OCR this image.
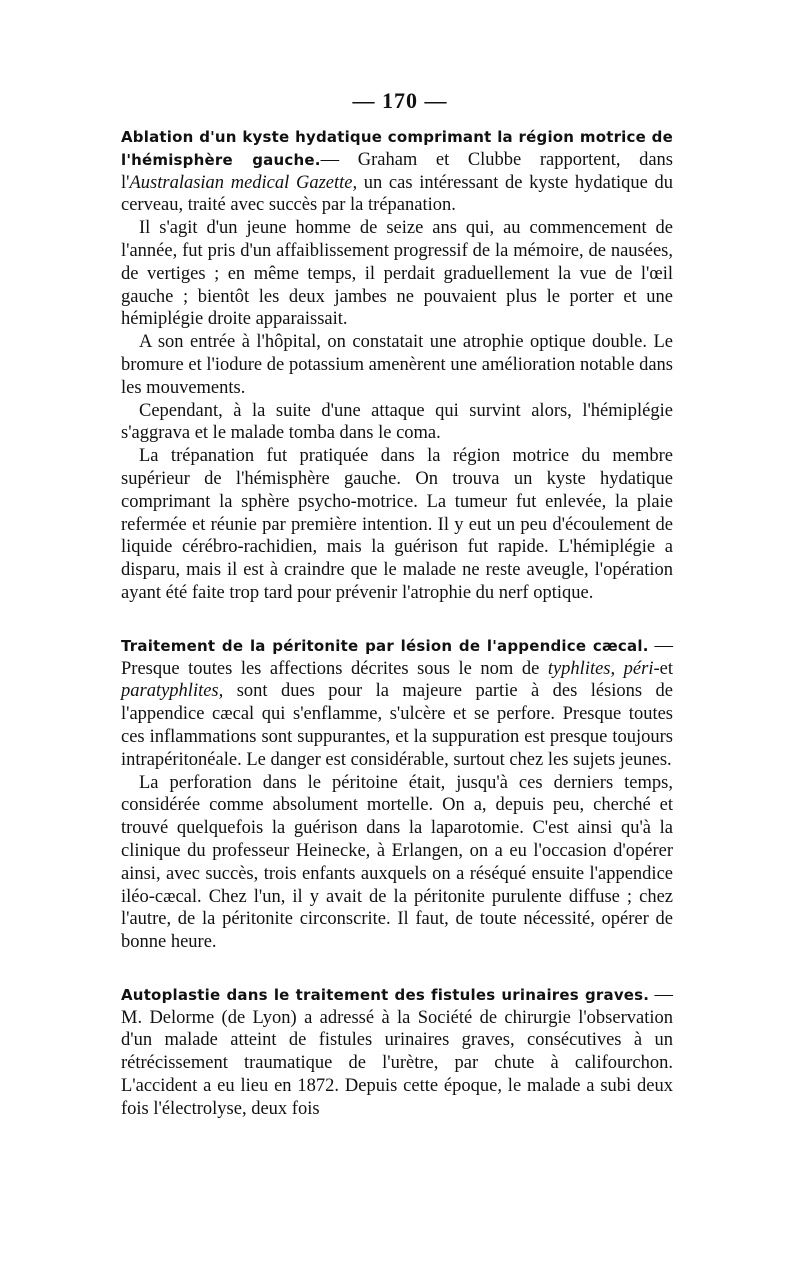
— 170 —

Ablation d'un kyste hydatique comprimant la région motrice de l'hémisphère gauche.— Graham et Clubbe rapportent, dans l'Australasian medical Gazette, un cas intéressant de kyste hydatique du cerveau, traité avec succès par la trépanation.

Il s'agit d'un jeune homme de seize ans qui, au commencement de l'année, fut pris d'un affaiblissement progressif de la mémoire, de nausées, de vertiges ; en même temps, il perdait graduellement la vue de l'œil gauche ; bientôt les deux jambes ne pouvaient plus le porter et une hémiplégie droite apparaissait.

A son entrée à l'hôpital, on constatait une atrophie optique double. Le bromure et l'iodure de potassium amenèrent une amélioration notable dans les mouvements.

Cependant, à la suite d'une attaque qui survint alors, l'hémiplégie s'aggrava et le malade tomba dans le coma.

La trépanation fut pratiquée dans la région motrice du membre supérieur de l'hémisphère gauche. On trouva un kyste hydatique comprimant la sphère psycho-motrice. La tumeur fut enlevée, la plaie refermée et réunie par première intention. Il y eut un peu d'écoulement de liquide cérébro-rachidien, mais la guérison fut rapide. L'hémiplégie a disparu, mais il est à craindre que le malade ne reste aveugle, l'opération ayant été faite trop tard pour prévenir l'atrophie du nerf optique.

Traitement de la péritonite par lésion de l'appendice cæcal. — Presque toutes les affections décrites sous le nom de typhlites, péri-et paratyphlites, sont dues pour la majeure partie à des lésions de l'appendice cæcal qui s'enflamme, s'ulcère et se perfore. Presque toutes ces inflammations sont suppurantes, et la suppuration est presque toujours intrapéritonéale. Le danger est considérable, surtout chez les sujets jeunes.

La perforation dans le péritoine était, jusqu'à ces derniers temps, considérée comme absolument mortelle. On a, depuis peu, cherché et trouvé quelquefois la guérison dans la laparotomie. C'est ainsi qu'à la clinique du professeur Heinecke, à Erlangen, on a eu l'occasion d'opérer ainsi, avec succès, trois enfants auxquels on a réséqué ensuite l'appendice iléo-cæcal. Chez l'un, il y avait de la péritonite purulente diffuse ; chez l'autre, de la péritonite circonscrite. Il faut, de toute nécessité, opérer de bonne heure.

Autoplastie dans le traitement des fistules urinaires graves. — M. Delorme (de Lyon) a adressé à la Société de chirurgie l'observation d'un malade atteint de fistules urinaires graves, consécutives à un rétrécissement traumatique de l'urètre, par chute à califourchon. L'accident a eu lieu en 1872. Depuis cette époque, le malade a subi deux fois l'électrolyse, deux fois
